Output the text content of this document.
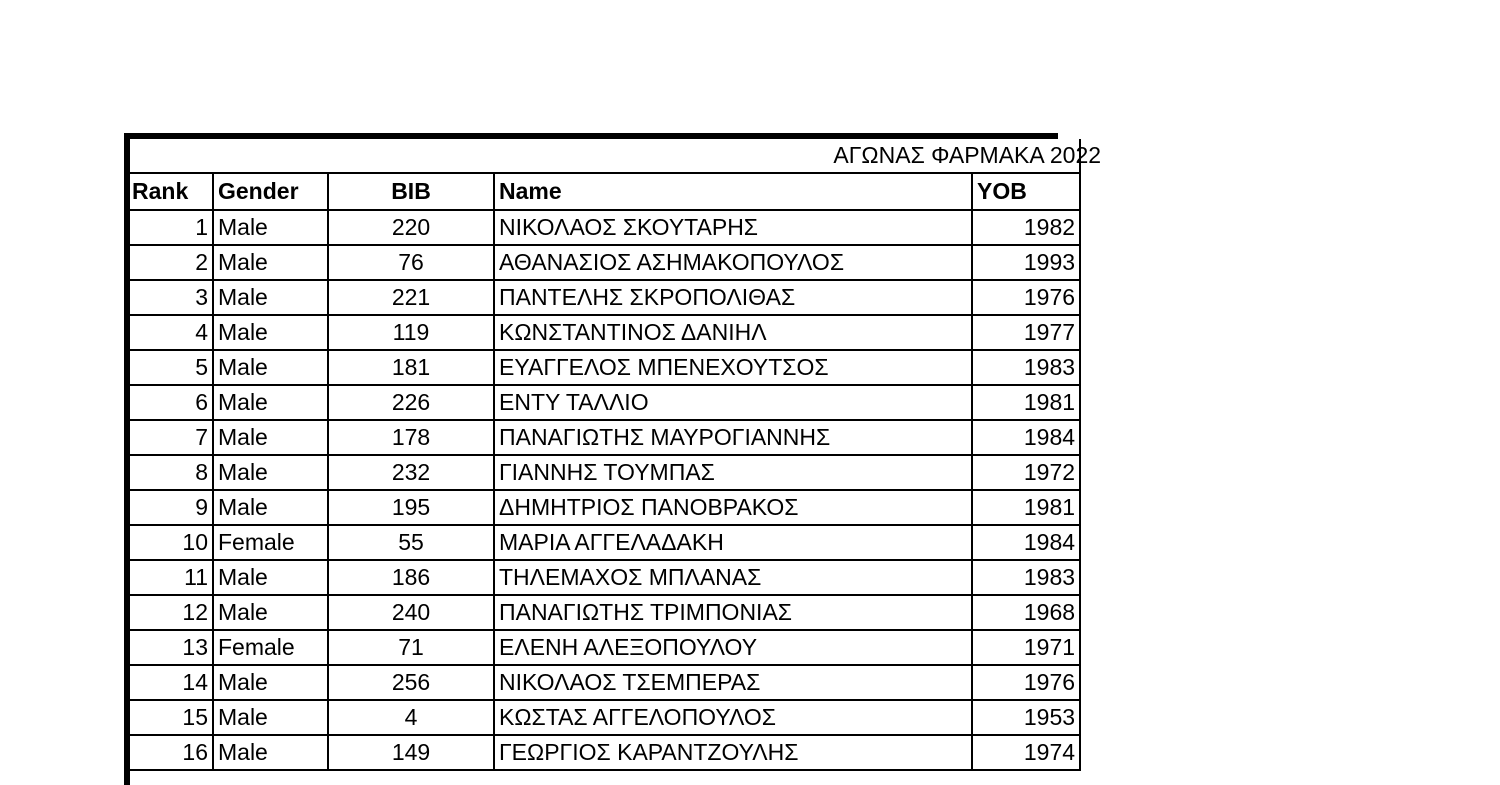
ΑΓΩΝΑΣ ΦΑΡΜΑΚΑ 2022				
Rank	Gender	BIB	Name	YOB
1	Male	220	ΝΙΚΟΛΑΟΣ ΣΚΟΥΤΑΡΗΣ	1982
2	Male	76	ΑΘΑΝΑΣΙΟΣ ΑΣΗΜΑΚΟΠΟΥΛΟΣ	1993
3	Male	221	ΠΑΝΤΕΛΗΣ ΣΚΡΟΠΟΛΙΘΑΣ	1976
4	Male	119	ΚΩΝΣΤΑΝΤΙΝΟΣ ΔΑΝΙΗΛ	1977
5	Male	181	ΕΥΑΓΓΕΛΟΣ ΜΠΕΝΕΧΟΥΤΣΟΣ	1983
6	Male	226	ΕΝΤΥ ΤΑΛΛΙΟ	1981
7	Male	178	ΠΑΝΑΓΙΩΤΗΣ ΜΑΥΡΟΓΙΑΝΝΗΣ	1984
8	Male	232	ΓΙΑΝΝΗΣ ΤΟΥΜΠΑΣ	1972
9	Male	195	ΔΗΜΗΤΡΙΟΣ ΠΑΝΟΒΡΑΚΟΣ	1981
10	Female	55	ΜΑΡΙΑ ΑΓΓΕΛΑΔΑΚΗ	1984
11	Male	186	ΤΗΛΕΜΑΧΟΣ ΜΠΛΑΝΑΣ	1983
12	Male	240	ΠΑΝΑΓΙΩΤΗΣ ΤΡΙΜΠΟΝΙΑΣ	1968
13	Female	71	ΕΛΕΝΗ ΑΛΕΞΟΠΟΥΛΟΥ	1971
14	Male	256	ΝΙΚΟΛΑΟΣ ΤΣΕΜΠΕΡΑΣ	1976
15	Male	4	ΚΩΣΤΑΣ ΑΓΓΕΛΟΠΟΥΛΟΣ	1953
16	Male	149	ΓΕΩΡΓΙΟΣ ΚΑΡΑΝΤΖΟΥΛΗΣ	1974
